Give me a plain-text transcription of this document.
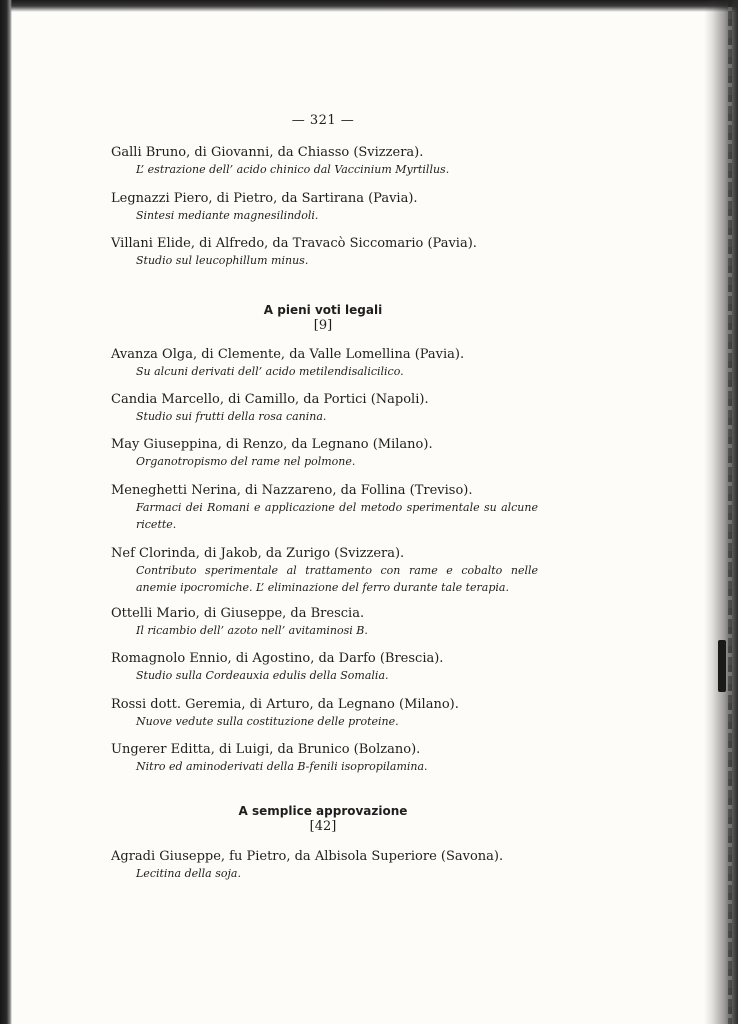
— 321 —
Galli Bruno, di Giovanni, da Chiasso (Svizzera).
L’ estrazione dell’ acido chinico dal Vaccinium Myrtillus.
Legnazzi Piero, di Pietro, da Sartirana (Pavia).
Sintesi mediante magnesilindoli.
Villani Elide, di Alfredo, da Travacò Siccomario (Pavia).
Studio sul leucophillum minus.
A pieni voti legali
[9]
Avanza Olga, di Clemente, da Valle Lomellina (Pavia).
Su alcuni derivati dell’ acido metilendisalicilico.
Candia Marcello, di Camillo, da Portici (Napoli).
Studio sui frutti della rosa canina.
May Giuseppina, di Renzo, da Legnano (Milano).
Organotropismo del rame nel polmone.
Meneghetti Nerina, di Nazzareno, da Follina (Treviso).
Farmaci dei Romani e applicazione del metodo sperimentale su alcune ricette.
Nef Clorinda, di Jakob, da Zurigo (Svizzera).
Contributo sperimentale al trattamento con rame e cobalto nelle anemie ipocromiche. L’ eliminazione del ferro durante tale terapia.
Ottelli Mario, di Giuseppe, da Brescia.
Il ricambio dell’ azoto nell’ avitaminosi B.
Romagnolo Ennio, di Agostino, da Darfo (Brescia).
Studio sulla Cordeauxia edulis della Somalia.
Rossi dott. Geremia, di Arturo, da Legnano (Milano).
Nuove vedute sulla costituzione delle proteine.
Ungerer Editta, di Luigi, da Brunico (Bolzano).
Nitro ed aminoderivati della B-fenili isopropilamina.
A semplice approvazione
[42]
Agradi Giuseppe, fu Pietro, da Albisola Superiore (Savona).
Lecitina della soja.
